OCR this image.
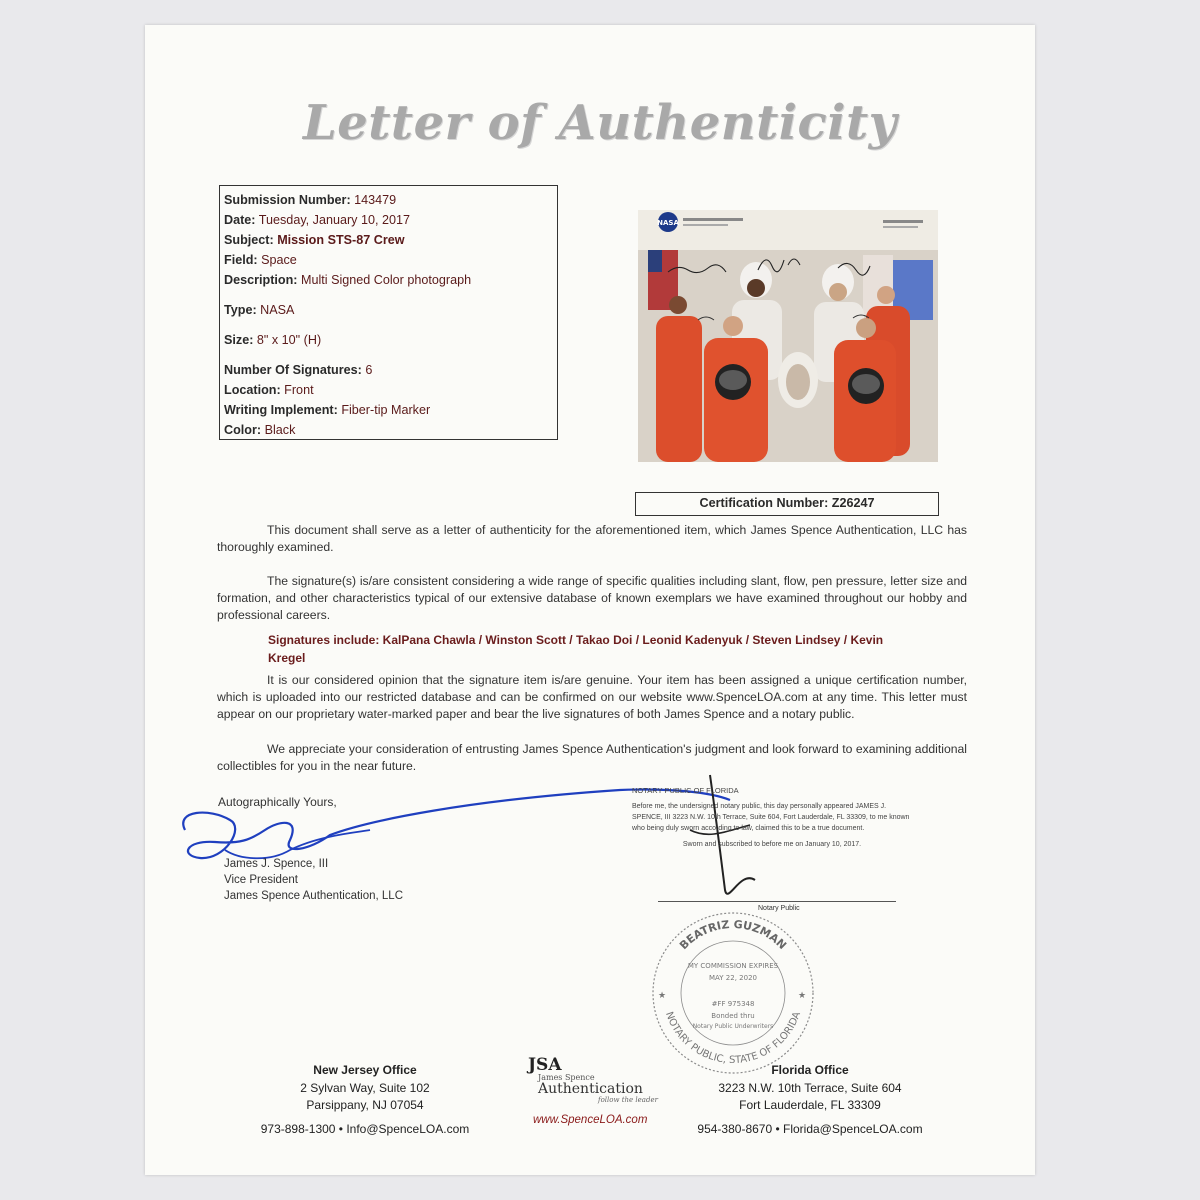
Letter of Authenticity
Submission Number: 143479
Date: Tuesday, January 10, 2017
Subject: Mission STS-87 Crew
Field: Space
Description: Multi Signed Color photograph
Type: NASA
Size: 8" x 10" (H)
Number Of Signatures: 6
Location: Front
Writing Implement: Fiber-tip Marker
Color: Black
NASA
Certification Number: Z26247
This document shall serve as a letter of authenticity for the aforementioned item, which James Spence Authentication, LLC has thoroughly examined.
The signature(s) is/are consistent considering a wide range of specific qualities including slant, flow, pen pressure, letter size and formation, and other characteristics typical of our extensive database of known exemplars we have examined throughout our hobby and professional careers.
Signatures include: KalPana Chawla / Winston Scott / Takao Doi / Leonid Kadenyuk / Steven Lindsey / Kevin Kregel
It is our considered opinion that the signature item is/are genuine. Your item has been assigned a unique certification number, which is uploaded into our restricted database and can be confirmed on our website www.SpenceLOA.com at any time. This letter must appear on our proprietary water-marked paper and bear the live signatures of both James Spence and a notary public.
We appreciate your consideration of entrusting James Spence Authentication's judgment and look forward to examining additional collectibles for you in the near future.
Autographically Yours,
James J. Spence, III
Vice President
James Spence Authentication, LLC
NOTARY PUBLIC OF FLORIDA
Before me, the undersigned notary public, this day personally appeared JAMES J. SPENCE, III 3223 N.W. 10th Terrace, Suite 604, Fort Lauderdale, FL 33309, to me known who being duly sworn according to law, claimed this to be a true document.
Sworn and subscribed to before me on January 10, 2017.
Notary Public
BEATRIZ GUZMAN
NOTARY PUBLIC, STATE OF FLORIDA
MY COMMISSION EXPIRES
MAY 22, 2020
#FF 975348
Bonded thru
Notary Public Underwriters
★	★
New Jersey Office
2 Sylvan Way, Suite 102
Parsippany, NJ 07054
973-898-1300 • Info@SpenceLOA.com
JSA
James Spence
Authentication
follow the leader
www.SpenceLOA.com
Florida Office
3223 N.W. 10th Terrace, Suite 604
Fort Lauderdale, FL 33309
954-380-8670 • Florida@SpenceLOA.com
